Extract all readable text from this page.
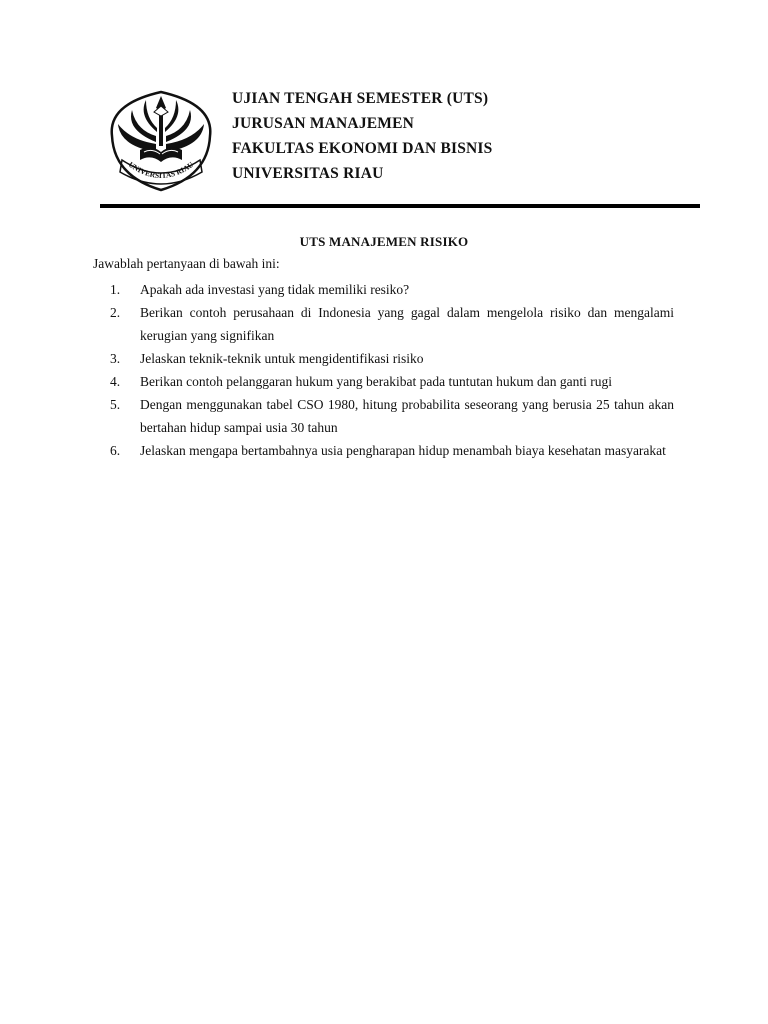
UNIVERSITAS RIAU
UJIAN TENGAH SEMESTER (UTS)
JURUSAN MANAJEMEN
FAKULTAS EKONOMI DAN BISNIS
UNIVERSITAS RIAU
UTS MANAJEMEN RISIKO
Jawablah pertanyaan di bawah ini:
1.	Apakah ada investasi yang tidak memiliki resiko?
2.	Berikan contoh perusahaan di Indonesia yang gagal dalam mengelola risiko dan mengalami kerugian yang signifikan
3.	Jelaskan teknik-teknik untuk mengidentifikasi risiko
4.	Berikan contoh pelanggaran hukum yang berakibat pada tuntutan hukum dan ganti rugi
5.	Dengan menggunakan tabel CSO 1980, hitung probabilita seseorang yang berusia 25 tahun akan bertahan hidup sampai usia 30 tahun
6.	Jelaskan mengapa bertambahnya usia pengharapan hidup menambah biaya kesehatan masyarakat
